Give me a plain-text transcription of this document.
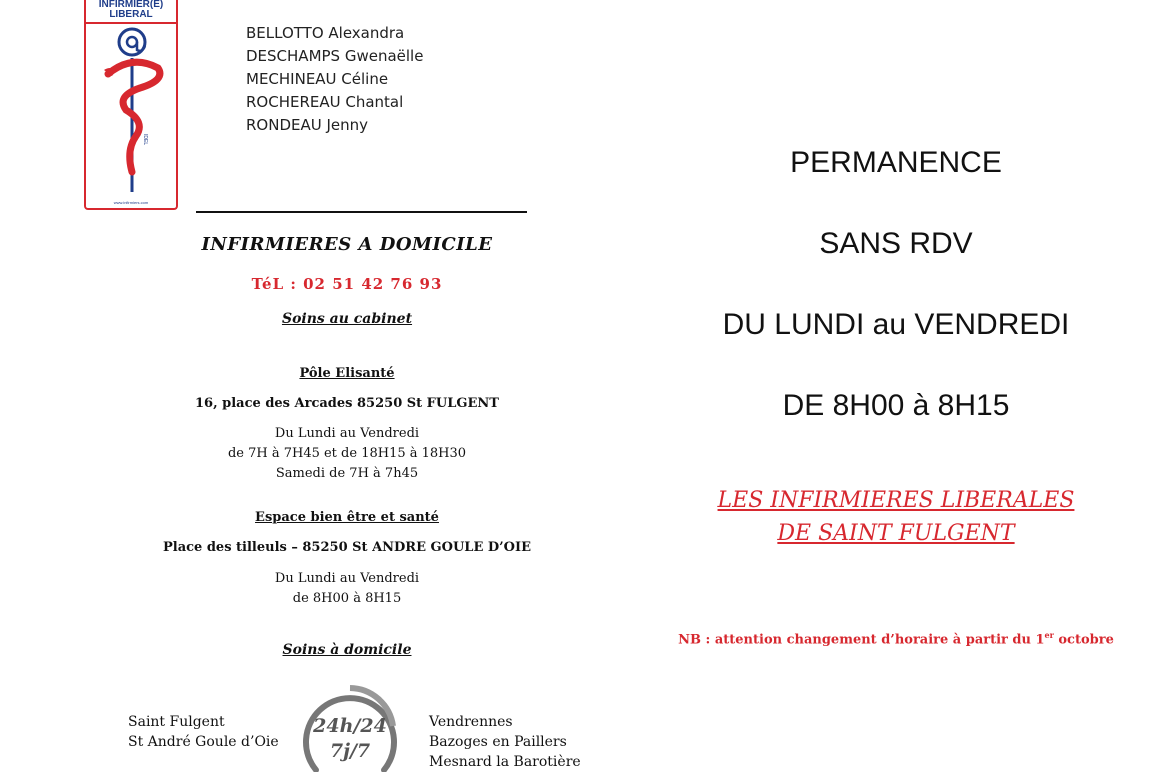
INFIRMIER(E)
LIBERAL
IDEL
www.infirmiers.com
BELLOTTO Alexandra
DESCHAMPS Gwenaëlle
MECHINEAU Céline
ROCHEREAU Chantal
RONDEAU Jenny
INFIRMIERES A DOMICILE
TéL : 02 51 42 76 93
Soins au cabinet
Pôle Elisanté
16, place des Arcades 85250 St FULGENT
Du Lundi au Vendredi
de 7H à 7H45 et de 18H15 à 18H30
Samedi de 7H à 7h45
Espace bien être et santé
Place des tilleuls – 85250 St ANDRE GOULE D’OIE
Du Lundi au Vendredi
de 8H00 à 8H15
Soins à domicile
Saint Fulgent
St André Goule d’Oie
24h/24
7j/7
Vendrennes
Bazoges en Paillers
Mesnard la Barotière
PERMANENCE
SANS RDV
DU LUNDI au VENDREDI
DE 8H00 à 8H15
LES INFIRMIERES LIBERALES
DE SAINT FULGENT
NB : attention changement d’horaire à partir du 1er octobre
